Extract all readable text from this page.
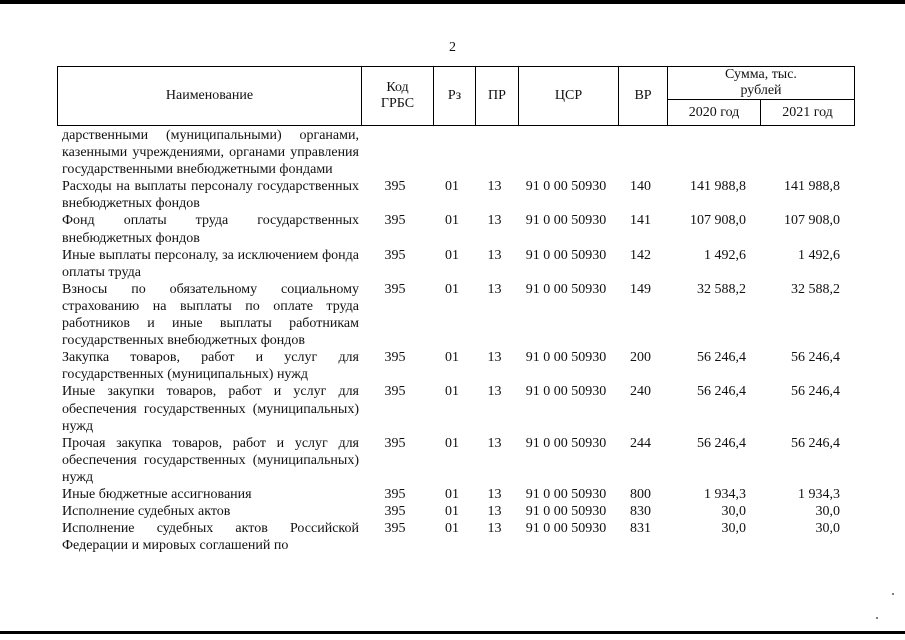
2
Наименование	Код ГРБС	Рз	ПР	ЦСР	ВР	Сумма, тыс. рублей	

						2020 год	2021 год
дарственными (муниципальными) органами, казенными учреждениями, органами управления государственными внебюджетными фондами							
Расходы на выплаты персоналу государственных внебюджетных фондов	395	01	13	91 0 00 50930	140	141 988,8	141 988,8
Фонд оплаты труда государственных внебюджетных фондов	395	01	13	91 0 00 50930	141	107 908,0	107 908,0
Иные выплаты персоналу, за исключением фонда оплаты труда	395	01	13	91 0 00 50930	142	1 492,6	1 492,6
Взносы по обязательному социальному страхованию на выплаты по оплате труда работников и иные выплаты работникам государственных внебюджетных фондов	395	01	13	91 0 00 50930	149	32 588,2	32 588,2
Закупка товаров, работ и услуг для государственных (муниципальных) нужд	395	01	13	91 0 00 50930	200	56 246,4	56 246,4
Иные закупки товаров, работ и услуг для обеспечения государственных (муниципальных) нужд	395	01	13	91 0 00 50930	240	56 246,4	56 246,4
Прочая закупка товаров, работ и услуг для обеспечения государственных (муниципальных) нужд	395	01	13	91 0 00 50930	244	56 246,4	56 246,4
Иные бюджетные ассигнования	395	01	13	91 0 00 50930	800	1 934,3	1 934,3
Исполнение судебных актов	395	01	13	91 0 00 50930	830	30,0	30,0
Исполнение судебных актов Российской Федерации и мировых соглашений по	395	01	13	91 0 00 50930	831	30,0	30,0
